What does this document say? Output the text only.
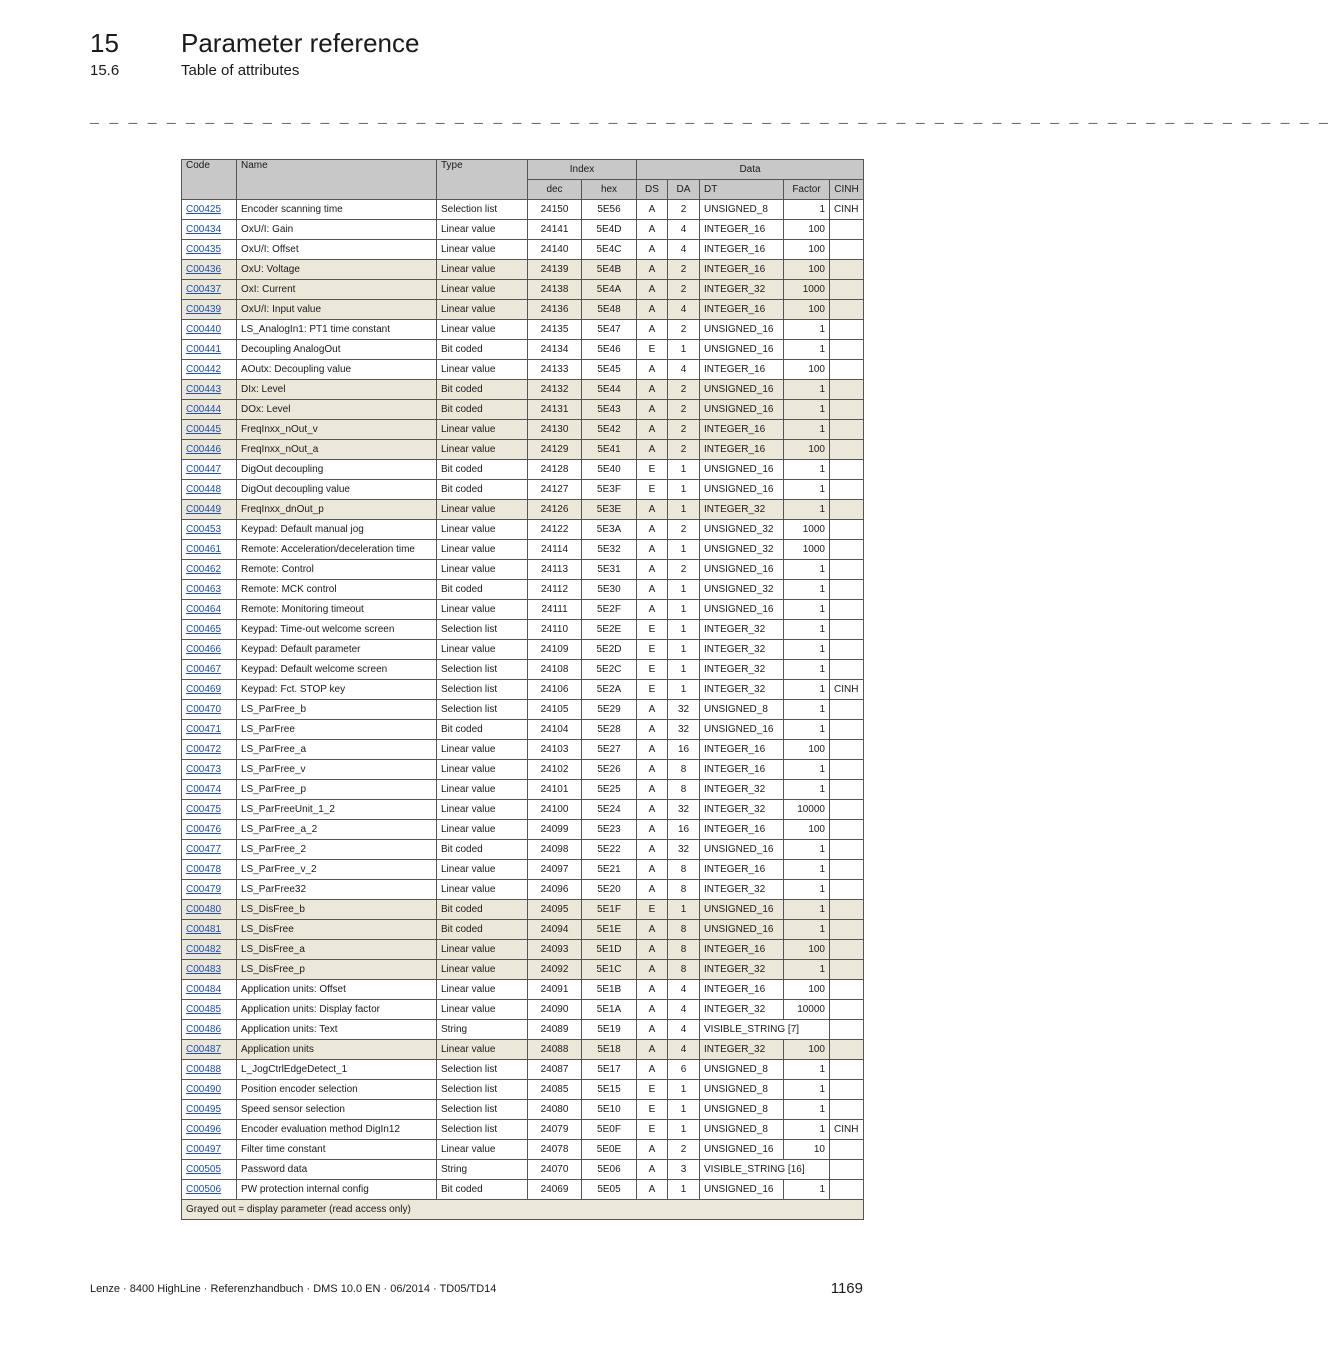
15 Parameter reference
15.6	Table of attributes
_ _ _ _ _ _ _ _ _ _ _ _ _ _ _ _ _ _ _ _ _ _ _ _ _ _ _ _ _ _ _ _ _ _ _ _ _ _ _ _ _ _ _ _ _ _ _ _ _ _ _ _ _ _ _ _ _ _ _ _ _ _ _ _ _
Code	Name	Type	Index		Data				
			dec	hex	DS	DA	DT	Factor	CINH
C00425	Encoder scanning time	Selection list	24150	5E56	A	2	UNSIGNED_8	1	CINH
C00434	OxU/I: Gain	Linear value	24141	5E4D	A	4	INTEGER_16	100	
C00435	OxU/I: Offset	Linear value	24140	5E4C	A	4	INTEGER_16	100	
C00436	OxU: Voltage	Linear value	24139	5E4B	A	2	INTEGER_16	100	
C00437	OxI: Current	Linear value	24138	5E4A	A	2	INTEGER_32	1000	
C00439	OxU/I: Input value	Linear value	24136	5E48	A	4	INTEGER_16	100	
C00440	LS_AnalogIn1: PT1 time constant	Linear value	24135	5E47	A	2	UNSIGNED_16	1	
C00441	Decoupling AnalogOut	Bit coded	24134	5E46	E	1	UNSIGNED_16	1	
C00442	AOutx: Decoupling value	Linear value	24133	5E45	A	4	INTEGER_16	100	
C00443	DIx: Level	Bit coded	24132	5E44	A	2	UNSIGNED_16	1	
C00444	DOx: Level	Bit coded	24131	5E43	A	2	UNSIGNED_16	1	
C00445	FreqInxx_nOut_v	Linear value	24130	5E42	A	2	INTEGER_16	1	
C00446	FreqInxx_nOut_a	Linear value	24129	5E41	A	2	INTEGER_16	100	
C00447	DigOut decoupling	Bit coded	24128	5E40	E	1	UNSIGNED_16	1	
C00448	DigOut decoupling value	Bit coded	24127	5E3F	E	1	UNSIGNED_16	1	
C00449	FreqInxx_dnOut_p	Linear value	24126	5E3E	A	1	INTEGER_32	1	
C00453	Keypad: Default manual jog	Linear value	24122	5E3A	A	2	UNSIGNED_32	1000	
C00461	Remote: Acceleration/deceleration time	Linear value	24114	5E32	A	1	UNSIGNED_32	1000	
C00462	Remote: Control	Linear value	24113	5E31	A	2	UNSIGNED_16	1	
C00463	Remote: MCK control	Bit coded	24112	5E30	A	1	UNSIGNED_32	1	
C00464	Remote: Monitoring timeout	Linear value	24111	5E2F	A	1	UNSIGNED_16	1	
C00465	Keypad: Time-out welcome screen	Selection list	24110	5E2E	E	1	INTEGER_32	1	
C00466	Keypad: Default parameter	Linear value	24109	5E2D	E	1	INTEGER_32	1	
C00467	Keypad: Default welcome screen	Selection list	24108	5E2C	E	1	INTEGER_32	1	
C00469	Keypad: Fct. STOP key	Selection list	24106	5E2A	E	1	INTEGER_32	1	CINH
C00470	LS_ParFree_b	Selection list	24105	5E29	A	32	UNSIGNED_8	1	
C00471	LS_ParFree	Bit coded	24104	5E28	A	32	UNSIGNED_16	1	
C00472	LS_ParFree_a	Linear value	24103	5E27	A	16	INTEGER_16	100	
C00473	LS_ParFree_v	Linear value	24102	5E26	A	8	INTEGER_16	1	
C00474	LS_ParFree_p	Linear value	24101	5E25	A	8	INTEGER_32	1	
C00475	LS_ParFreeUnit_1_2	Linear value	24100	5E24	A	32	INTEGER_32	10000	
C00476	LS_ParFree_a_2	Linear value	24099	5E23	A	16	INTEGER_16	100	
C00477	LS_ParFree_2	Bit coded	24098	5E22	A	32	UNSIGNED_16	1	
C00478	LS_ParFree_v_2	Linear value	24097	5E21	A	8	INTEGER_16	1	
C00479	LS_ParFree32	Linear value	24096	5E20	A	8	INTEGER_32	1	
C00480	LS_DisFree_b	Bit coded	24095	5E1F	E	1	UNSIGNED_16	1	
C00481	LS_DisFree	Bit coded	24094	5E1E	A	8	UNSIGNED_16	1	
C00482	LS_DisFree_a	Linear value	24093	5E1D	A	8	INTEGER_16	100	
C00483	LS_DisFree_p	Linear value	24092	5E1C	A	8	INTEGER_32	1	
C00484	Application units: Offset	Linear value	24091	5E1B	A	4	INTEGER_16	100	
C00485	Application units: Display factor	Linear value	24090	5E1A	A	4	INTEGER_32	10000	
C00486	Application units: Text	String	24089	5E19	A	4	VISIBLE_STRING [7]		
C00487	Application units	Linear value	24088	5E18	A	4	INTEGER_32	100	
C00488	L_JogCtrlEdgeDetect_1	Selection list	24087	5E17	A	6	UNSIGNED_8	1	
C00490	Position encoder selection	Selection list	24085	5E15	E	1	UNSIGNED_8	1	
C00495	Speed sensor selection	Selection list	24080	5E10	E	1	UNSIGNED_8	1	
C00496	Encoder evaluation method DigIn12	Selection list	24079	5E0F	E	1	UNSIGNED_8	1	CINH
C00497	Filter time constant	Linear value	24078	5E0E	A	2	UNSIGNED_16	10	
C00505	Password data	String	24070	5E06	A	3	VISIBLE_STRING [16]		
C00506	PW protection internal config	Bit coded	24069	5E05	A	1	UNSIGNED_16	1	
Grayed out = display parameter (read access only)									
Lenze · 8400 HighLine · Referenzhandbuch · DMS 10.0 EN · 06/2014 · TD05/TD14	1169
